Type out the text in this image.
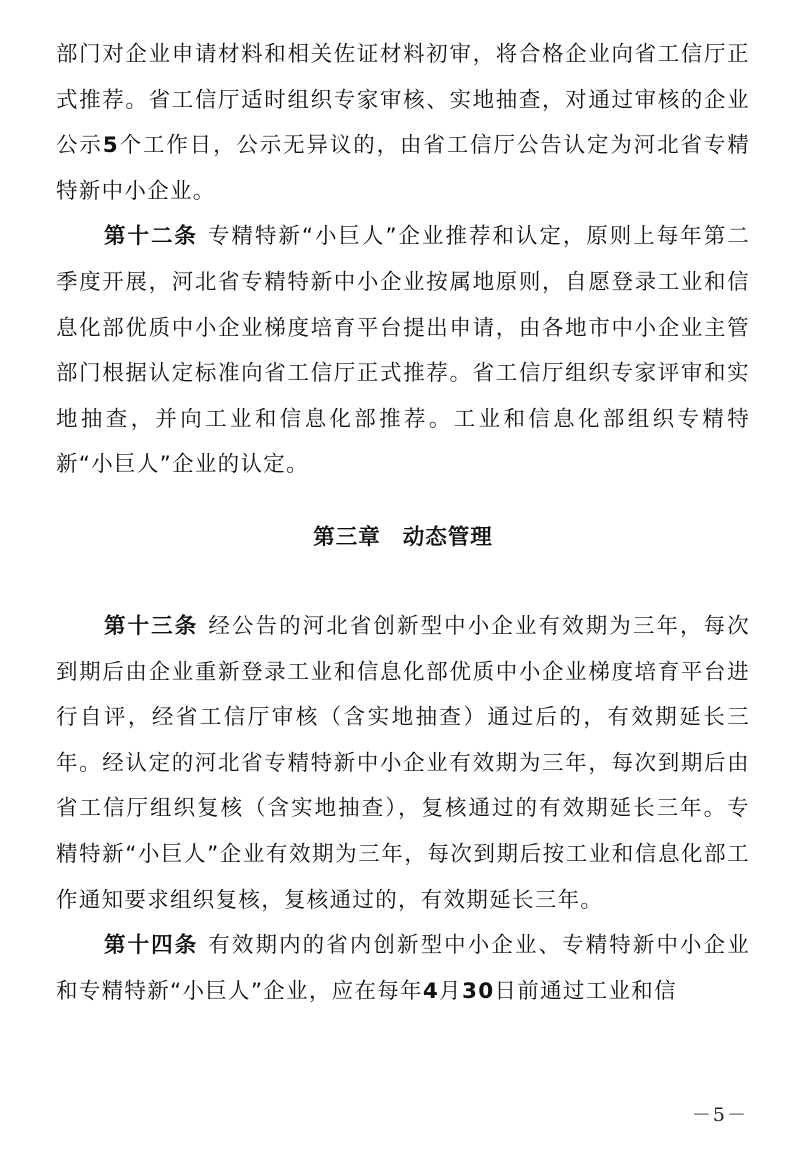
部门对企业申请材料和相关佐证材料初审，将合格企业向省工信厅正式推荐。省工信厅适时组织专家审核、实地抽查，对通过审核的企业公示5个工作日，公示无异议的，由省工信厅公告认定为河北省专精特新中小企业。

第十二条 专精特新“小巨人”企业推荐和认定，原则上每年第二季度开展，河北省专精特新中小企业按属地原则，自愿登录工业和信息化部优质中小企业梯度培育平台提出申请，由各地市中小企业主管部门根据认定标准向省工信厅正式推荐。省工信厅组织专家评审和实地抽查，并向工业和信息化部推荐。工业和信息化部组织专精特新“小巨人”企业的认定。

第三章 动态管理

第十三条 经公告的河北省创新型中小企业有效期为三年，每次到期后由企业重新登录工业和信息化部优质中小企业梯度培育平台进行自评，经省工信厅审核（含实地抽查）通过后的，有效期延长三年。经认定的河北省专精特新中小企业有效期为三年，每次到期后由省工信厅组织复核（含实地抽查），复核通过的有效期延长三年。专精特新“小巨人”企业有效期为三年，每次到期后按工业和信息化部工作通知要求组织复核，复核通过的，有效期延长三年。

第十四条 有效期内的省内创新型中小企业、专精特新中小企业和专精特新“小巨人”企业，应在每年4月30日前通过工业和信

－5－
